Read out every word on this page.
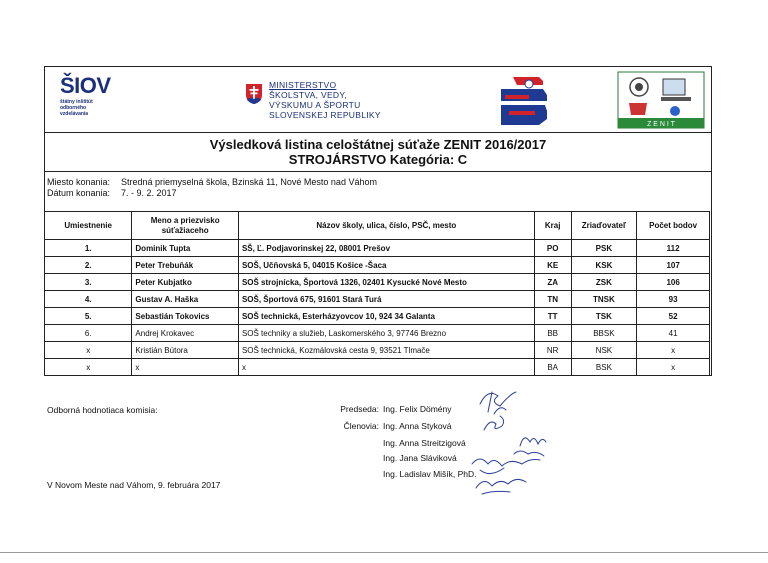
ŠIOV
štátny inštitút
odborného
vzdelávania
MINISTERSTVO
ŠKOLSTVA, VEDY,
VÝSKUMU A ŠPORTU
SLOVENSKEJ REPUBLIKY
Z E N I T
Výsledková listina celoštátnej súťaže ZENIT 2016/2017
STROJÁRSTVO Kategória: C
Miesto konania: Stredná priemyselná škola, Bzinská 11, Nové Mesto nad Váhom
Dátum konania: 7. - 9. 2. 2017
Umiestnenie	Meno a priezvisko súťažiaceho	Názov školy, ulica, číslo, PSČ, mesto	Kraj	Zriaďovateľ	Počet bodov
1.	Dominik Tupta	SŠ, Ľ. Podjavorinskej 22, 08001 Prešov	PO	PSK	112
2.	Peter Trebuňák	SOŠ, Učňovská 5, 04015 Košice -Šaca	KE	KSK	107
3.	Peter Kubjatko	SOŠ strojnícka, Športová 1326, 02401 Kysucké Nové Mesto	ZA	ZSK	106
4.	Gustav A. Haška	SOŠ, Športová 675, 91601 Stará Turá	TN	TNSK	93
5.	Sebastián Tokovics	SOŠ technická, Esterházyovcov 10, 924 34 Galanta	TT	TSK	52
6.	Andrej Krokavec	SOŠ techniky a služieb, Laskomerského 3, 97746 Brezno	BB	BBSK	41
x	Kristián Bútora	SOŠ technická, Kozmálovská cesta 9, 93521 Tlmače	NR	NSK	x
x	x	x	BA	BSK	x
Odborná hodnotiaca komisia:	Predseda: Ing. Felix Dömény
Členovia: Ing. Anna Styková
Ing. Anna Streitzigová
Ing. Jana Sláviková
Ing. Ladislav Mišík, PhD.
V Novom Meste nad Váhom, 9. februára 2017
